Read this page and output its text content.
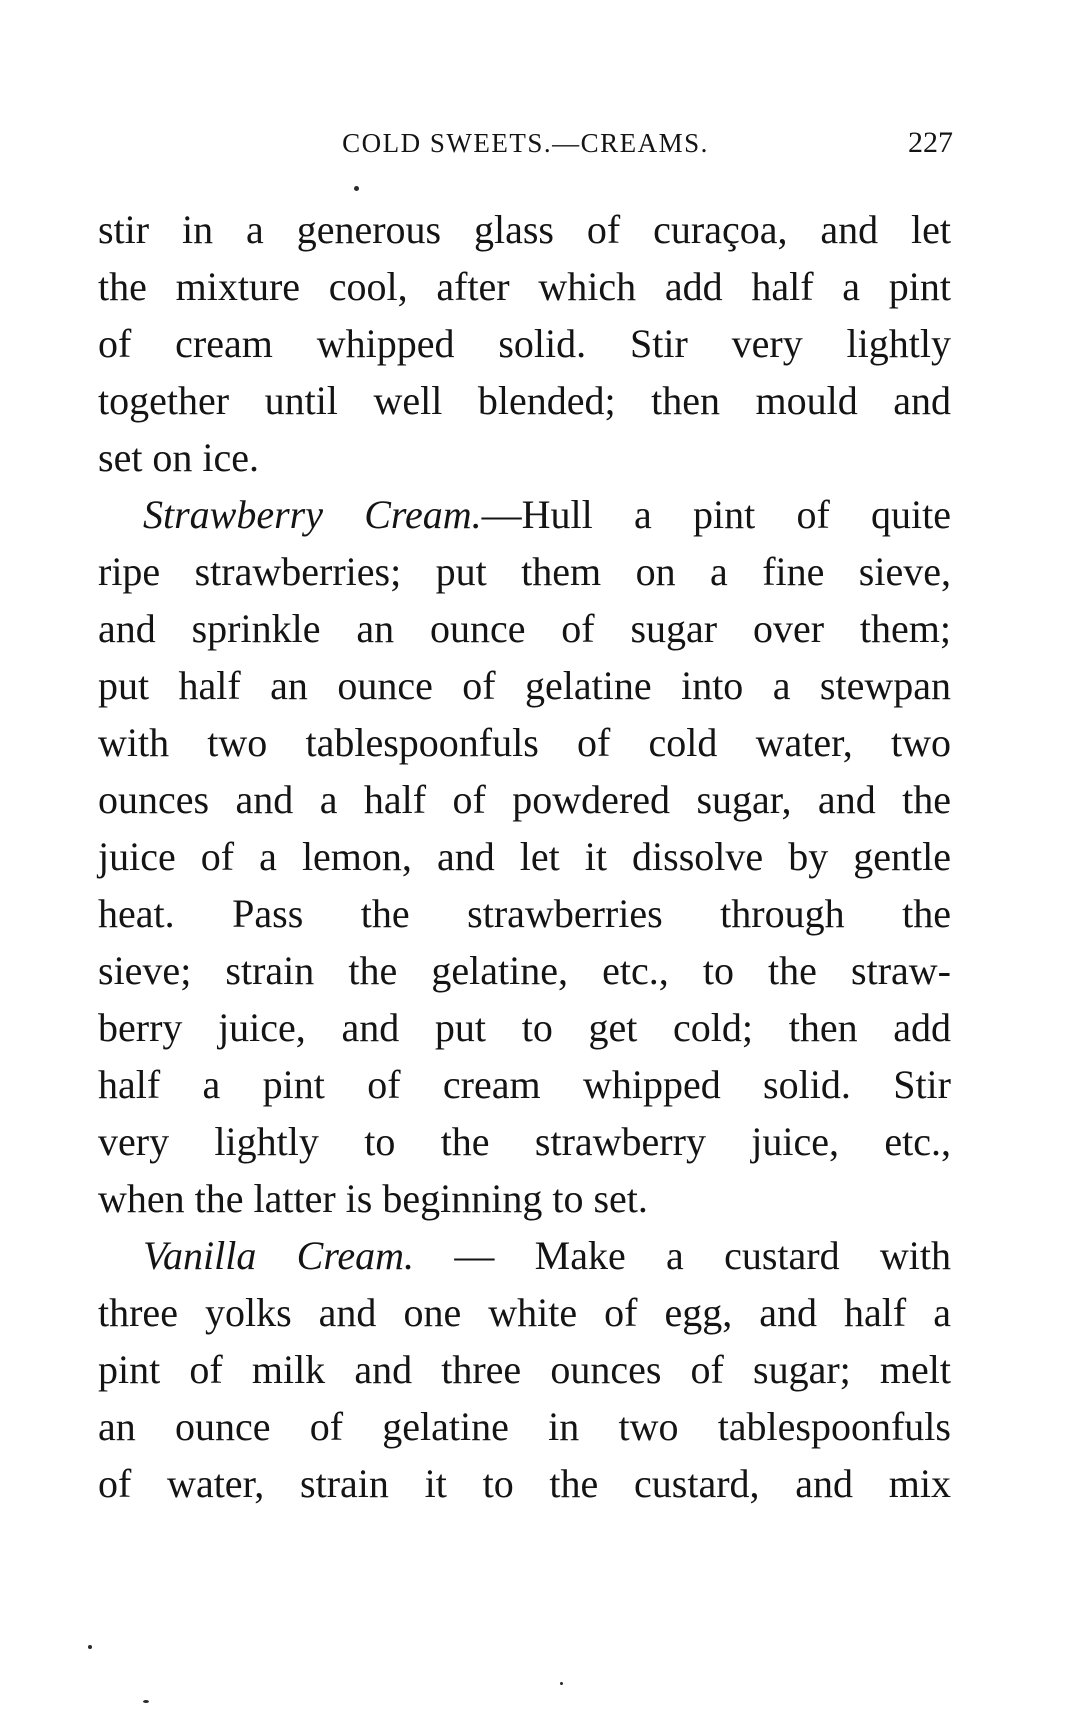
COLD SWEETS.—CREAMS.	227
stir in a generous glass of curaçoa, and let
the mixture cool, after which add half a pint
of cream whipped solid. Stir very lightly
together until well blended; then mould and
set on ice.
Strawberry Cream.—Hull a pint of quite
ripe strawberries; put them on a fine sieve,
and sprinkle an ounce of sugar over them;
put half an ounce of gelatine into a stewpan
with two tablespoonfuls of cold water, two
ounces and a half of powdered sugar, and the
juice of a lemon, and let it dissolve by gentle
heat. Pass the strawberries through the
sieve; strain the gelatine, etc., to the straw-
berry juice, and put to get cold; then add
half a pint of cream whipped solid. Stir
very lightly to the strawberry juice, etc.,
when the latter is beginning to set.
Vanilla Cream. — Make a custard with
three yolks and one white of egg, and half a
pint of milk and three ounces of sugar; melt
an ounce of gelatine in two tablespoonfuls
of water, strain it to the custard, and mix
